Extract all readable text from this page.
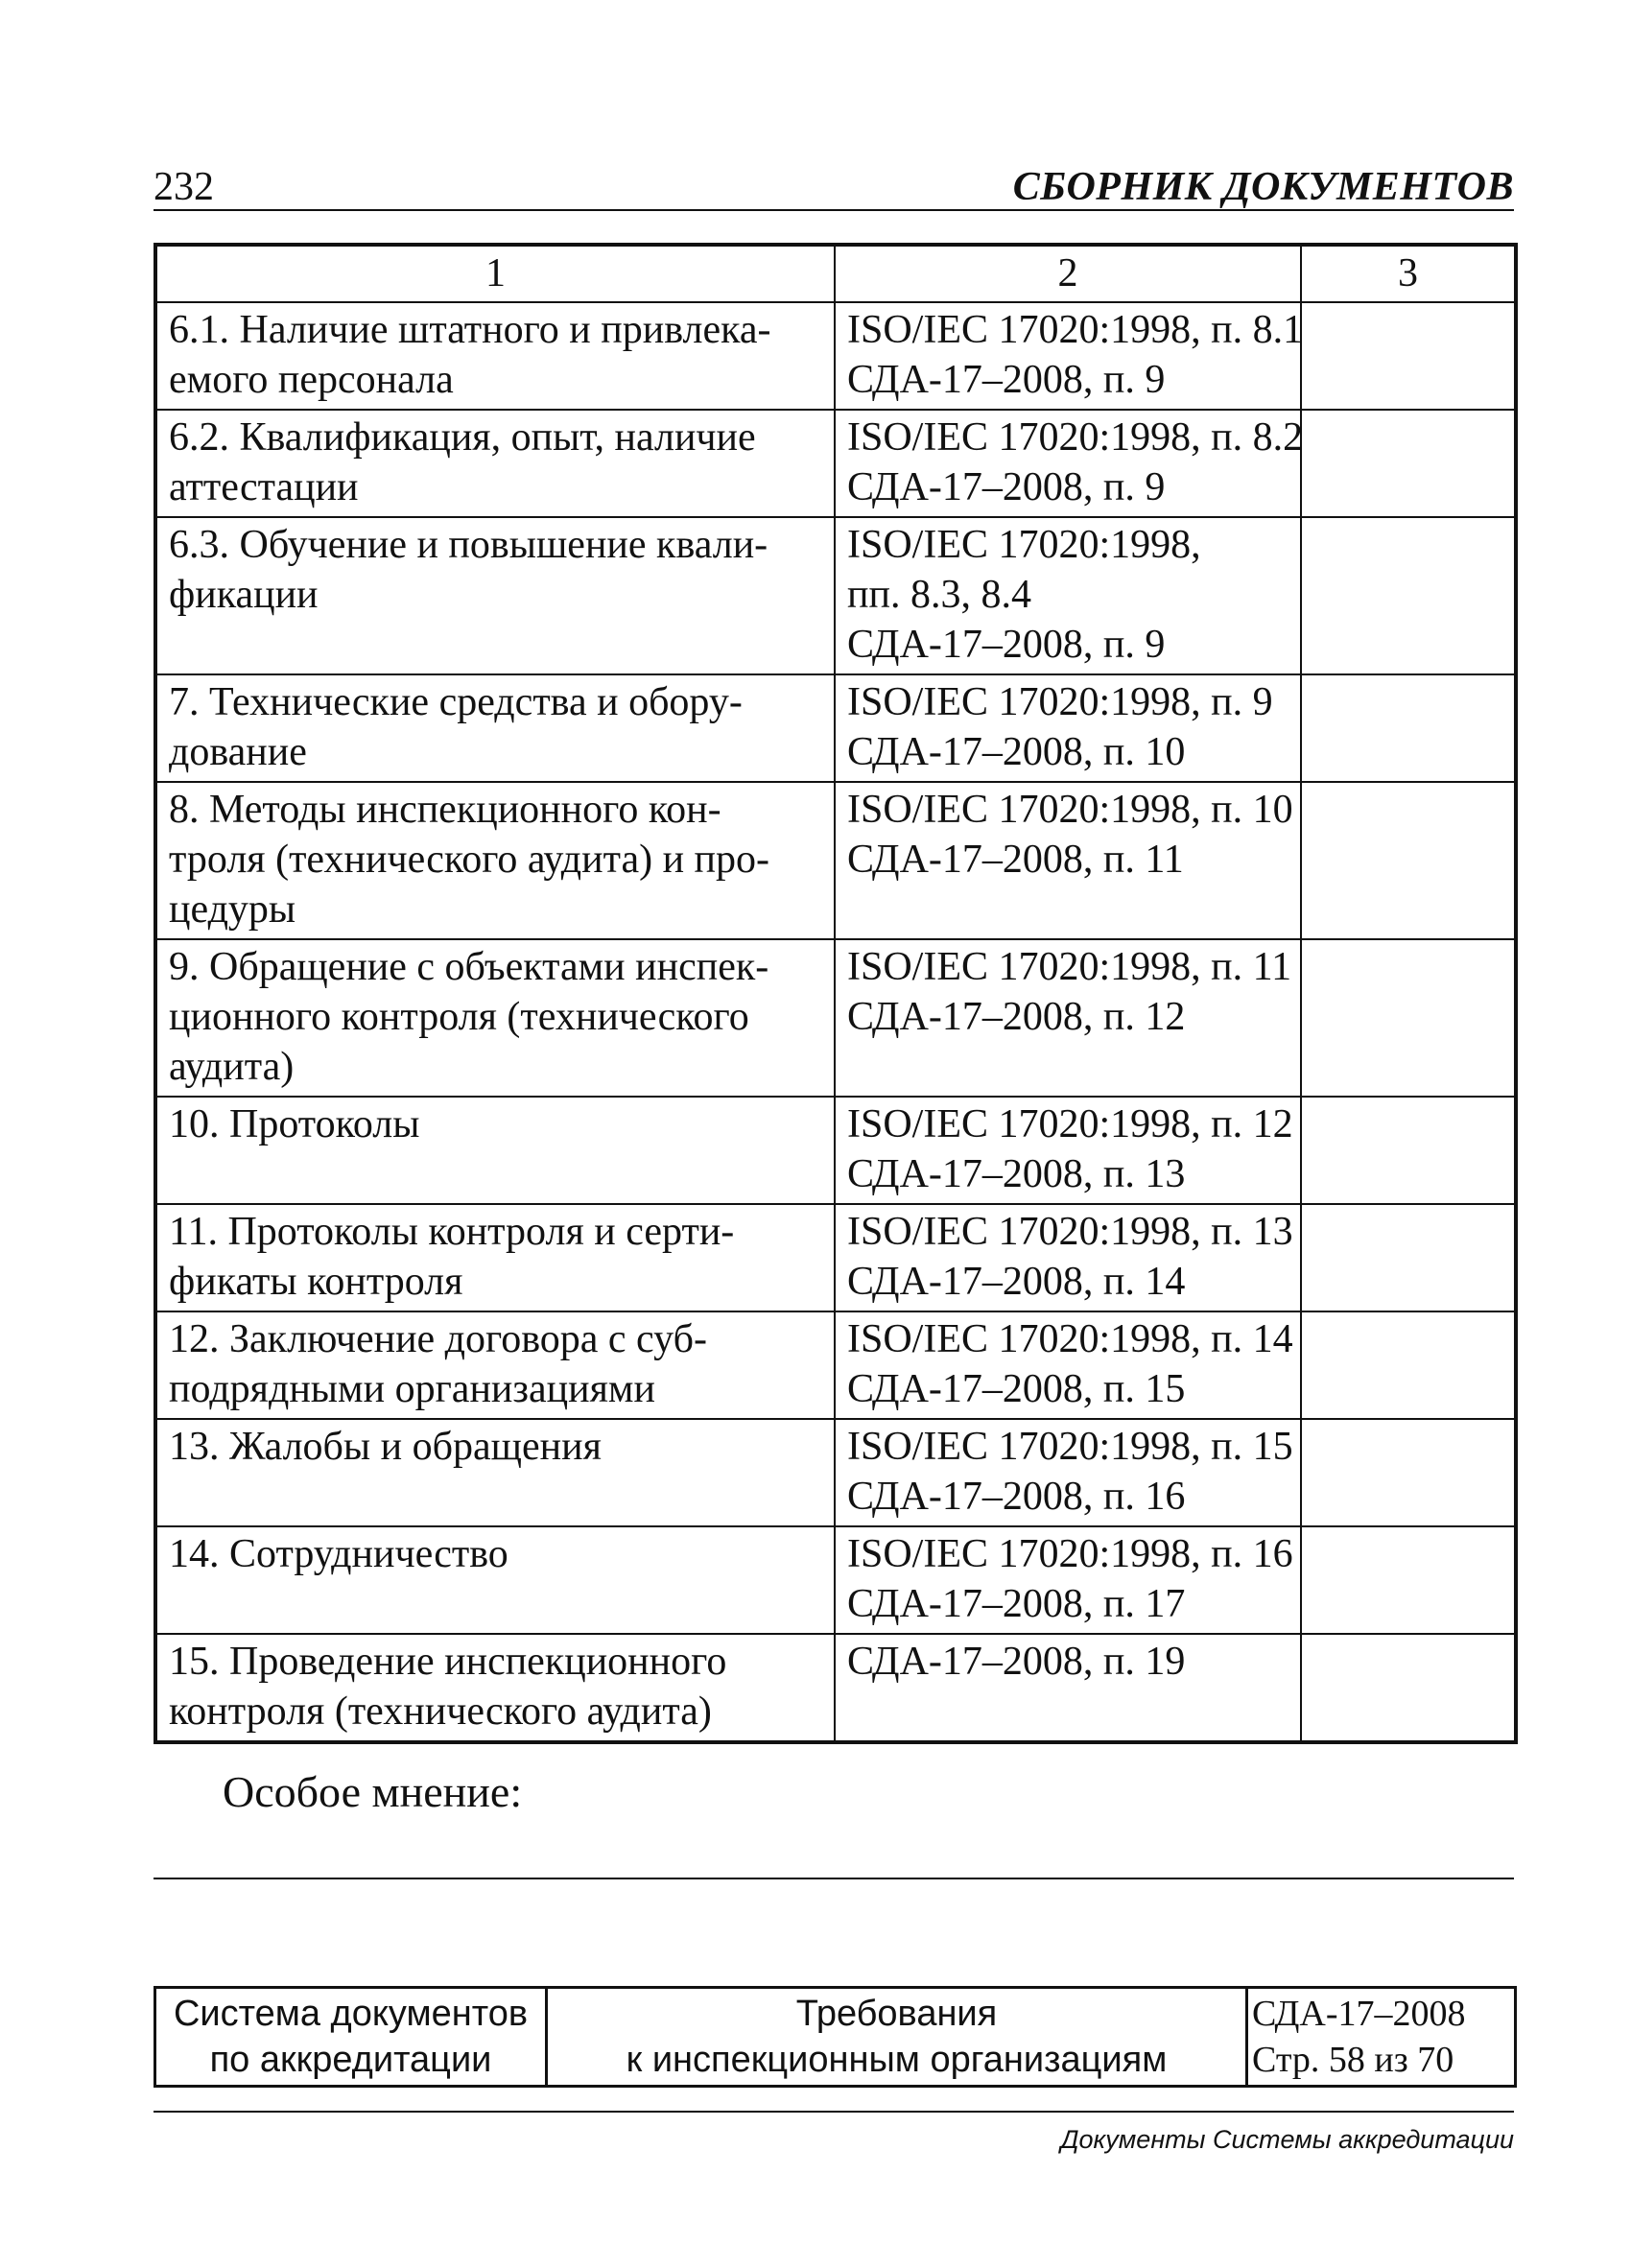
232	СБОРНИК ДОКУМЕНТОВ
1	2	3

6.1. Наличие штатного и привлека-
емого персонала	ISO/IEC 17020:1998, п. 8.1
СДА-17–2008, п. 9	

6.2. Квалификация, опыт, наличие
аттестации	ISO/IEC 17020:1998, п. 8.2
СДА-17–2008, п. 9	

6.3. Обучение и повышение квали-
фикации	ISO/IEC 17020:1998,
пп. 8.3, 8.4
СДА-17–2008, п. 9	

7. Технические средства и обору-
дование	ISO/IEC 17020:1998, п. 9
СДА-17–2008, п. 10	

8. Методы инспекционного кон-
троля (технического аудита) и про-
цедуры	ISO/IEC 17020:1998, п. 10
СДА-17–2008, п. 11	

9. Обращение с объектами инспек-
ционного контроля (технического
аудита)	ISO/IEC 17020:1998, п. 11
СДА-17–2008, п. 12	

10. Протоколы	ISO/IEC 17020:1998, п. 12
СДА-17–2008, п. 13	

11. Протоколы контроля и серти-
фикаты контроля	ISO/IEC 17020:1998, п. 13
СДА-17–2008, п. 14	

12. Заключение договора с суб-
подрядными организациями	ISO/IEC 17020:1998, п. 14
СДА-17–2008, п. 15	

13. Жалобы и обращения	ISO/IEC 17020:1998, п. 15
СДА-17–2008, п. 16	

14. Сотрудничество	ISO/IEC 17020:1998, п. 16
СДА-17–2008, п. 17	

15. Проведение инспекционного
контроля (технического аудита)	СДА-17–2008, п. 19	

Особое мнение:
Система документов
по аккредитации

Требования
к инспекционным организациям

СДА-17–2008
Стр. 58 из 70
Документы Системы аккредитации
